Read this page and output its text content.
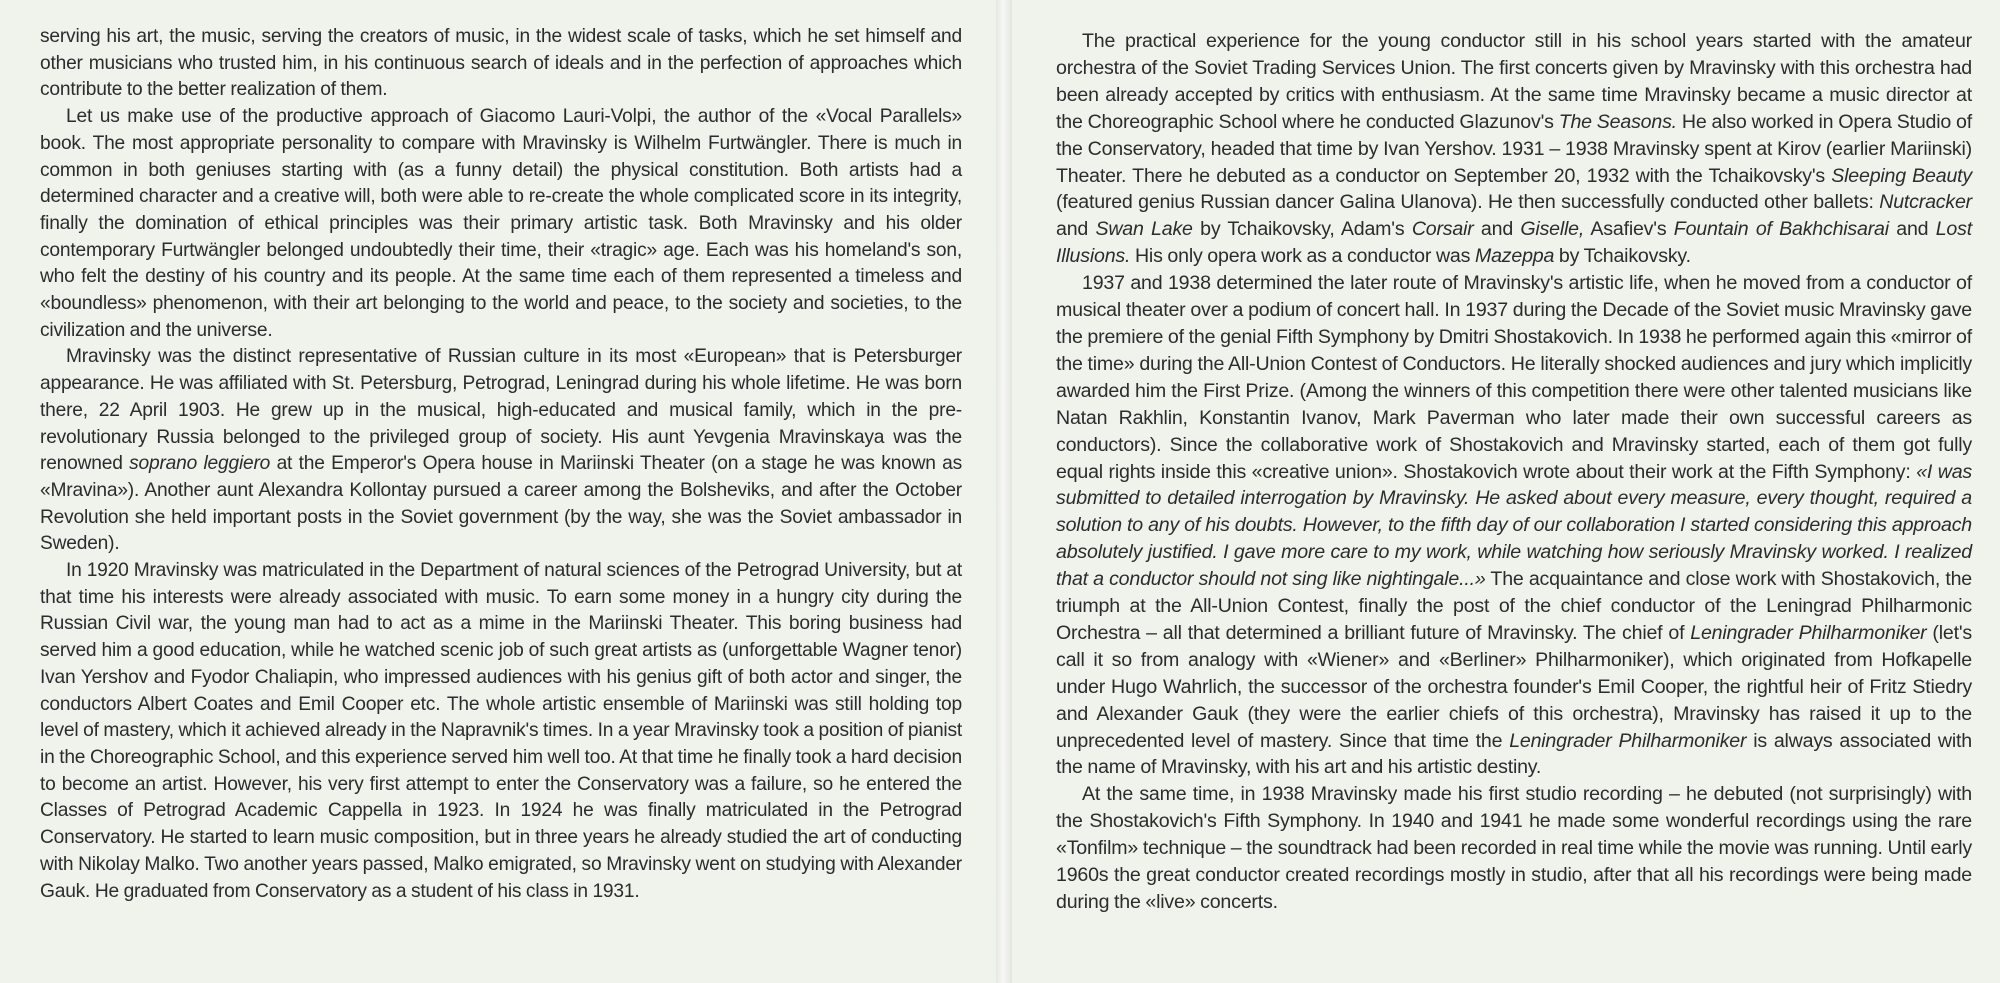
serving his art, the music, serving the creators of music, in the widest scale of tasks, which he set himself and other musicians who trusted him, in his continuous search of ideals and in the perfection of approaches which contribute to the better realization of them.

Let us make use of the productive approach of Giacomo Lauri-Volpi, the author of the «Vocal Parallels» book. The most appropriate personality to compare with Mravinsky is Wilhelm Furtwängler. There is much in common in both geniuses starting with (as a funny detail) the physical constitution. Both artists had a determined character and a creative will, both were able to re-create the whole complicated score in its integrity, finally the domination of ethical principles was their primary artistic task. Both Mravinsky and his older contemporary Furtwängler belonged undoubtedly their time, their «tragic» age. Each was his homeland's son, who felt the destiny of his country and its people. At the same time each of them represented a timeless and «boundless» phenomenon, with their art belonging to the world and peace, to the society and societies, to the civilization and the universe.

Mravinsky was the distinct representative of Russian culture in its most «European» that is Petersburger appearance. He was affiliated with St. Petersburg, Petrograd, Leningrad during his whole lifetime. He was born there, 22 April 1903. He grew up in the musical, high-educated and musical family, which in the pre-revolutionary Russia belonged to the privileged group of society. His aunt Yevgenia Mravinskaya was the renowned soprano leggiero at the Emperor's Opera house in Mariinski Theater (on a stage he was known as «Mravina»). Another aunt Alexandra Kollontay pursued a career among the Bolsheviks, and after the October Revolution she held important posts in the Soviet government (by the way, she was the Soviet ambassador in Sweden).

In 1920 Mravinsky was matriculated in the Department of natural sciences of the Petrograd University, but at that time his interests were already associated with music. To earn some money in a hungry city during the Russian Civil war, the young man had to act as a mime in the Mariinski Theater. This boring business had served him a good education, while he watched scenic job of such great artists as (unforgettable Wagner tenor) Ivan Yershov and Fyodor Chaliapin, who impressed audiences with his genius gift of both actor and singer, the conductors Albert Coates and Emil Cooper etc. The whole artistic ensemble of Mariinski was still holding top level of mastery, which it achieved already in the Napravnik's times. In a year Mravinsky took a position of pianist in the Choreographic School, and this experience served him well too. At that time he finally took a hard decision to become an artist. However, his very first attempt to enter the Conservatory was a failure, so he entered the Classes of Petrograd Academic Cappella in 1923. In 1924 he was finally matriculated in the Petrograd Conservatory. He started to learn music composition, but in three years he already studied the art of conducting with Nikolay Malko. Two another years passed, Malko emigrated, so Mravinsky went on studying with Alexander Gauk. He graduated from Conservatory as a student of his class in 1931.

The practical experience for the young conductor still in his school years started with the amateur orchestra of the Soviet Trading Services Union. The first concerts given by Mravinsky with this orchestra had been already accepted by critics with enthusiasm. At the same time Mravinsky became a music director at the Choreographic School where he conducted Glazunov's The Seasons. He also worked in Opera Studio of the Conservatory, headed that time by Ivan Yershov. 1931 – 1938 Mravinsky spent at Kirov (earlier Mariinski) Theater. There he debuted as a conductor on September 20, 1932 with the Tchaikovsky's Sleeping Beauty (featured genius Russian dancer Galina Ulanova). He then successfully conducted other ballets: Nutcracker and Swan Lake by Tchaikovsky, Adam's Corsair and Giselle, Asafiev's Fountain of Bakhchisarai and Lost Illusions. His only opera work as a conductor was Mazeppa by Tchaikovsky.

1937 and 1938 determined the later route of Mravinsky's artistic life, when he moved from a conductor of musical theater over a podium of concert hall. In 1937 during the Decade of the Soviet music Mravinsky gave the premiere of the genial Fifth Symphony by Dmitri Shostakovich. In 1938 he performed again this «mirror of the time» during the All-Union Contest of Conductors. He literally shocked audiences and jury which implicitly awarded him the First Prize. (Among the winners of this competition there were other talented musicians like Natan Rakhlin, Konstantin Ivanov, Mark Paverman who later made their own successful careers as conductors). Since the collaborative work of Shostakovich and Mravinsky started, each of them got fully equal rights inside this «creative union». Shostakovich wrote about their work at the Fifth Symphony: «I was submitted to detailed interrogation by Mravinsky. He asked about every measure, every thought, required a solution to any of his doubts. However, to the fifth day of our collaboration I started considering this approach absolutely justified. I gave more care to my work, while watching how seriously Mravinsky worked. I realized that a conductor should not sing like nightingale...» The acquaintance and close work with Shostakovich, the triumph at the All-Union Contest, finally the post of the chief conductor of the Leningrad Philharmonic Orchestra – all that determined a brilliant future of Mravinsky. The chief of Leningrader Philharmoniker (let's call it so from analogy with «Wiener» and «Berliner» Philharmoniker), which originated from Hofkapelle under Hugo Wahrlich, the successor of the orchestra founder's Emil Cooper, the rightful heir of Fritz Stiedry and Alexander Gauk (they were the earlier chiefs of this orchestra), Mravinsky has raised it up to the unprecedented level of mastery. Since that time the Leningrader Philharmoniker is always associated with the name of Mravinsky, with his art and his artistic destiny.

At the same time, in 1938 Mravinsky made his first studio recording – he debuted (not surprisingly) with the Shostakovich's Fifth Symphony. In 1940 and 1941 he made some wonderful recordings using the rare «Tonfilm» technique – the soundtrack had been recorded in real time while the movie was running. Until early 1960s the great conductor created recordings mostly in studio, after that all his recordings were being made during the «live» concerts.
